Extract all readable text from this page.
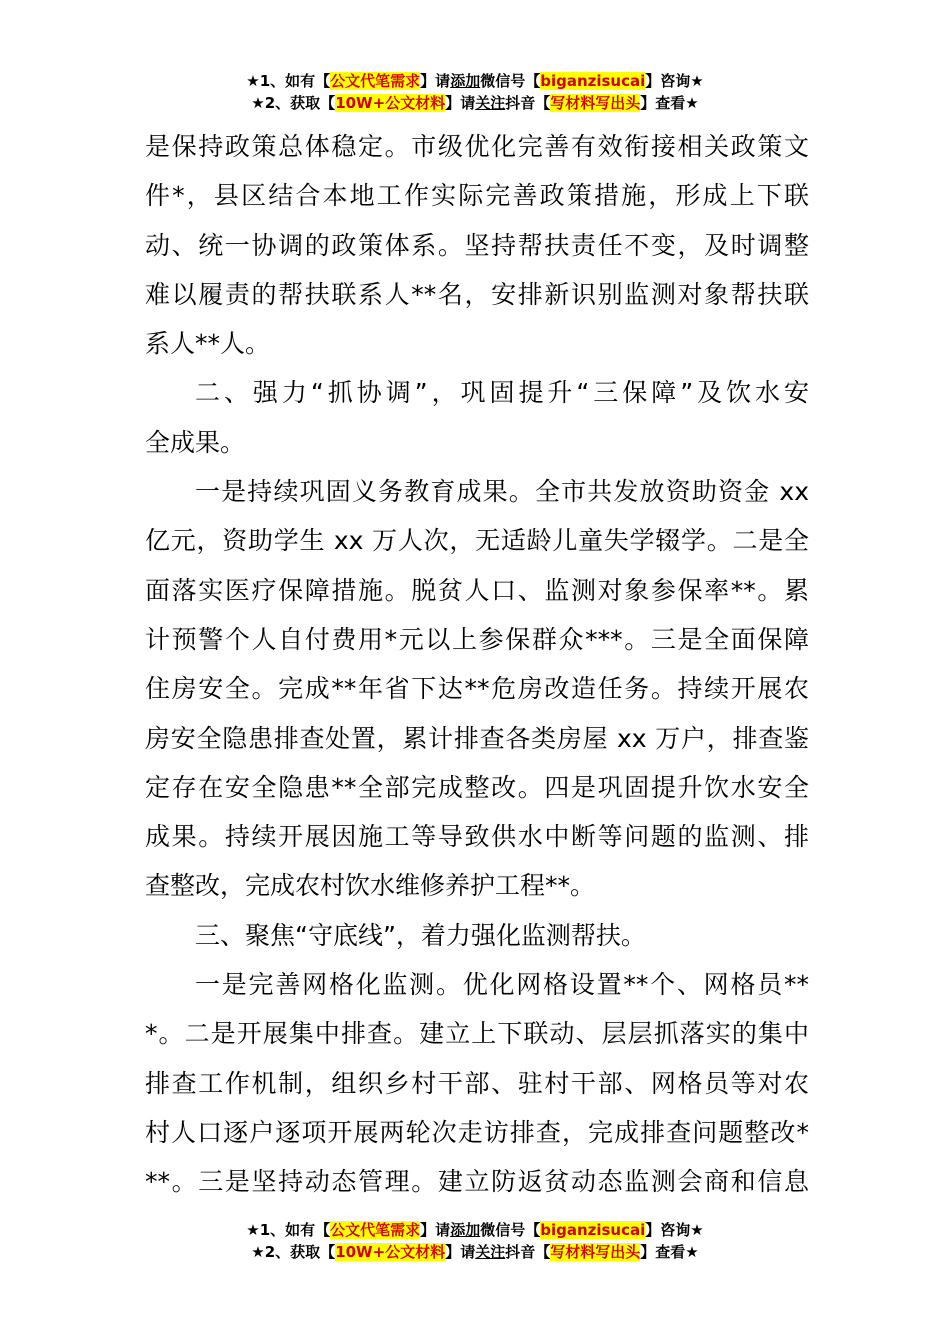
★1、如有【公文代笔需求】请添加微信号【biganzisucai】咨询★
★2、获取【10W+公文材料】请关注抖音【写材料写出头】查看★

是保持政策总体稳定。市级优化完善有效衔接相关政策文

件*，县区结合本地工作实际完善政策措施，形成上下联

动、统一协调的政策体系。坚持帮扶责任不变，及时调整

难以履责的帮扶联系人**名，安排新识别监测对象帮扶联

系人**人。

二、强力“抓协调”，巩固提升“三保障”及饮水安

全成果。

一是持续巩固义务教育成果。全市共发放资助资金 xx

亿元，资助学生 xx 万人次，无适龄儿童失学辍学。二是全

面落实医疗保障措施。脱贫人口、监测对象参保率**。累

计预警个人自付费用*元以上参保群众***。三是全面保障

住房安全。完成**年省下达**危房改造任务。持续开展农

房安全隐患排查处置，累计排查各类房屋 xx 万户，排查鉴

定存在安全隐患**全部完成整改。四是巩固提升饮水安全

成果。持续开展因施工等导致供水中断等问题的监测、排

查整改，完成农村饮水维修养护工程**。

三、聚焦“守底线”，着力强化监测帮扶。

一是完善网格化监测。优化网格设置**个、网格员**

*。二是开展集中排查。建立上下联动、层层抓落实的集中

排查工作机制，组织乡村干部、驻村干部、网格员等对农

村人口逐户逐项开展两轮次走访排查，完成排查问题整改*

**。三是坚持动态管理。建立防返贫动态监测会商和信息

★1、如有【公文代笔需求】请添加微信号【biganzisucai】咨询★
★2、获取【10W+公文材料】请关注抖音【写材料写出头】查看★
